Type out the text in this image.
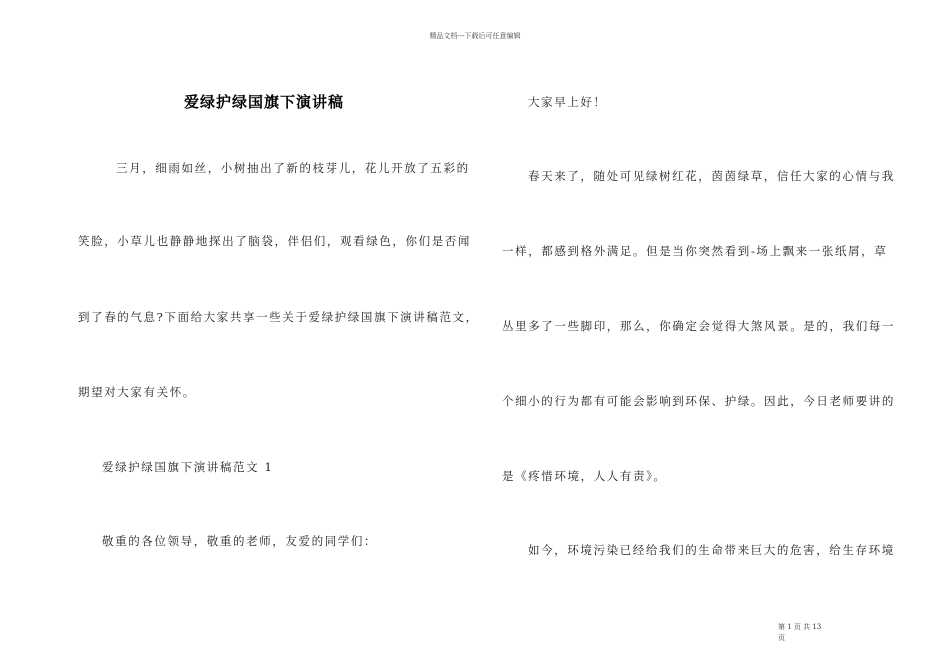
精品文档---下载后可任意编辑
爱绿护绿国旗下演讲稿
三月，细雨如丝，小树抽出了新的枝芽儿，花儿开放了五彩的
笑脸，小草儿也静静地探出了脑袋，伴侣们，观看绿色，你们是否闻
到了春的气息?下面给大家共享一些关于爱绿护绿国旗下演讲稿范文，
期望对大家有关怀。
爱绿护绿国旗下演讲稿范文 1
敬重的各位领导，敬重的老师，友爱的同学们：
大家早上好！
春天来了，随处可见绿树红花，茵茵绿草，信任大家的心情与我
一样，都感到格外满足。但是当你突然看到-场上飘来一张纸屑，草
丛里多了一些脚印，那么，你确定会觉得大煞风景。是的，我们每一
个细小的行为都有可能会影响到环保、护绿。因此，今日老师要讲的
是《疼惜环境，人人有责》。
如今，环境污染已经给我们的生命带来巨大的危害，给生存环境
第 1 页 共 13
页
